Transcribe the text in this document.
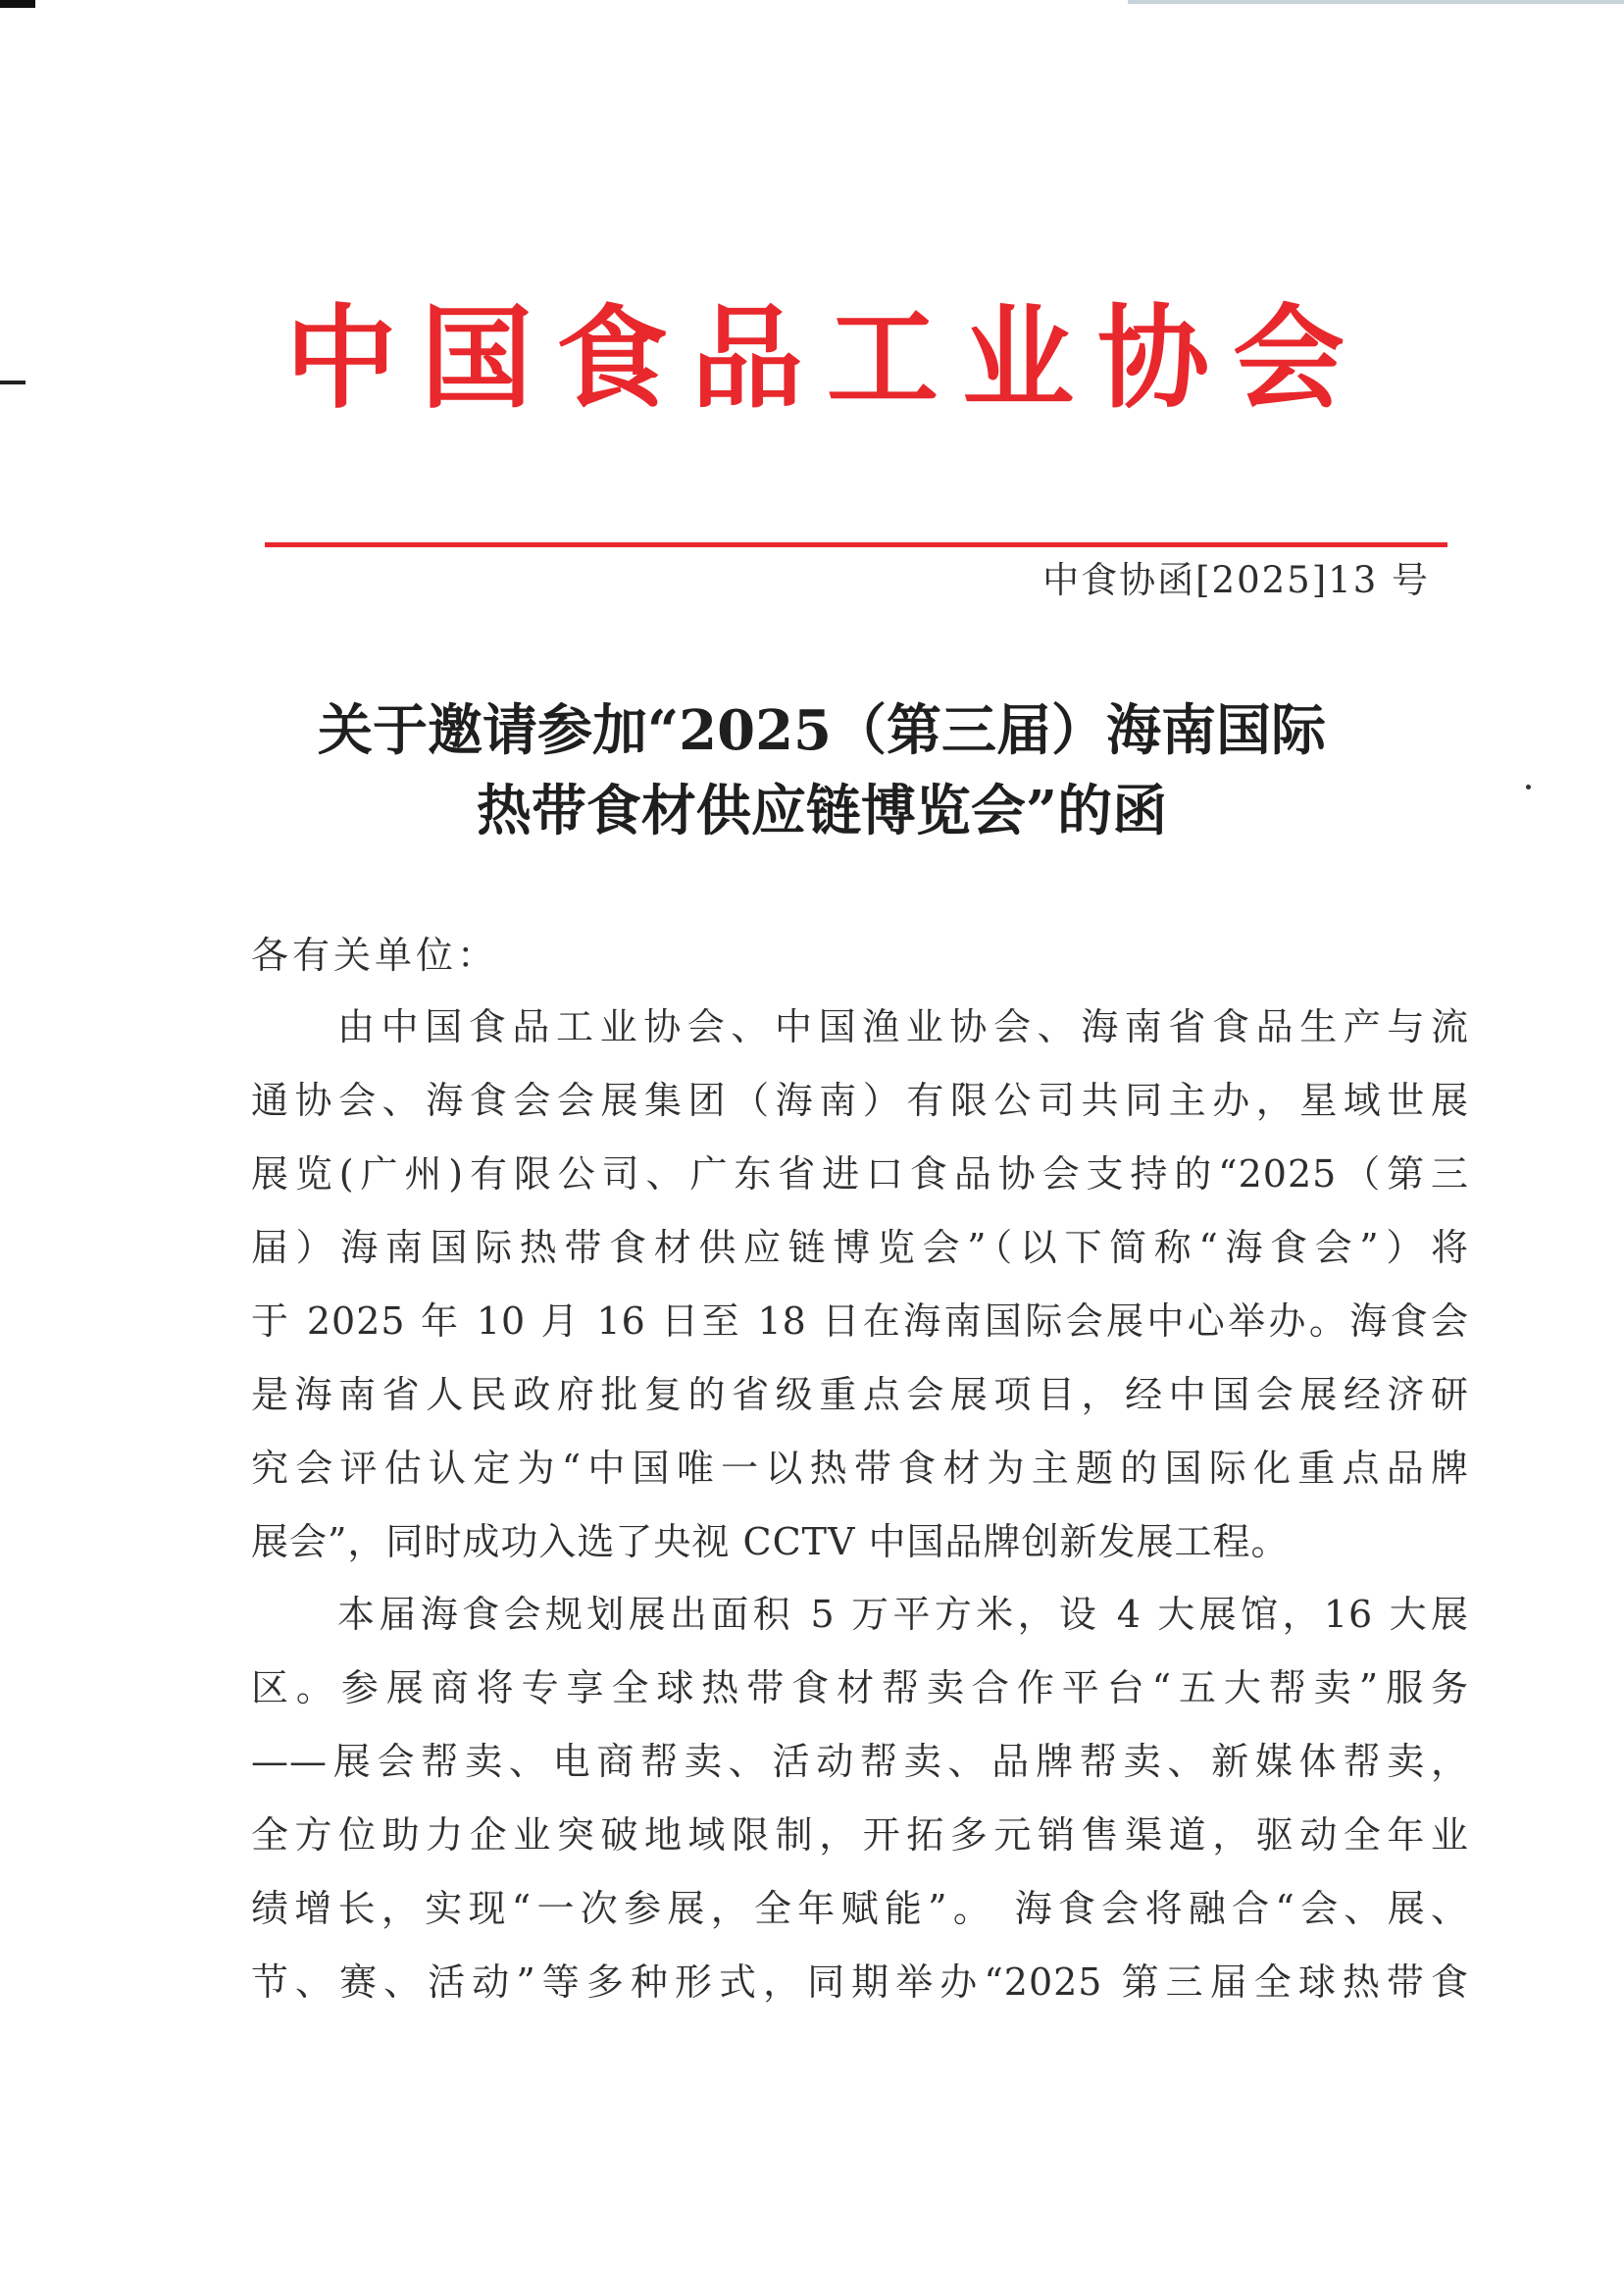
中国食品工业协会
中食协函[2025]13 号
关于邀请参加“2025（第三届）海南国际
热带食材供应链博览会”的函
各有关单位：
由中国食品工业协会、中国渔业协会、海南省食品生产与流
通协会、海食会会展集团（海南）有限公司共同主办，星域世展
展览(广州)有限公司、广东省进口食品协会支持的“2025（第三
届）海南国际热带食材供应链博览会”（以下简称“海食会”）将
于 2025 年 10 月 16 日至 18 日在海南国际会展中心举办。海食会
是海南省人民政府批复的省级重点会展项目，经中国会展经济研
究会评估认定为“中国唯一以热带食材为主题的国际化重点品牌
展会”，同时成功入选了央视 CCTV 中国品牌创新发展工程。
本届海食会规划展出面积 5 万平方米，设 4 大展馆，16 大展
区。参展商将专享全球热带食材帮卖合作平台“五大帮卖”服务
——展会帮卖、电商帮卖、活动帮卖、品牌帮卖、新媒体帮卖，
全方位助力企业突破地域限制，开拓多元销售渠道，驱动全年业
绩增长，实现“一次参展，全年赋能”。 海食会将融合“会、展、
节、赛、活动”等多种形式，同期举办“2025 第三届全球热带食
